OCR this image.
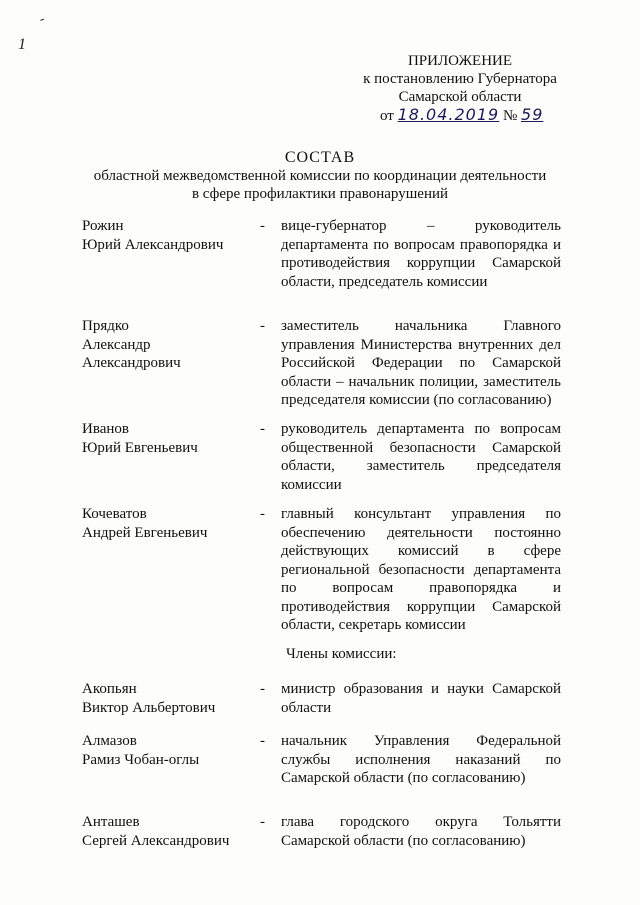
-
1
ПРИЛОЖЕНИЕ
к постановлению Губернатора
Самарской области
от 18.04.2019 № 59
СОСТАВ
областной межведомственной комиссии по координации деятельности
в сфере профилактики правонарушений
Рожин
Юрий Александрович
- вице-губернатор – руководитель департамента по вопросам правопорядка и противодействия коррупции Самарской области, председатель комиссии
Прядко
Александр Александрович
- заместитель начальника Главного управления Министерства внутренних дел Российской Федерации по Самарской области – начальник полиции, заместитель председателя комиссии (по согласованию)
Иванов
Юрий Евгеньевич
- руководитель департамента по вопросам общественной безопасности Самарской области, заместитель председателя комиссии
Кочеватов
Андрей Евгеньевич
- главный консультант управления по обеспечению деятельности постоянно действующих комиссий в сфере региональной безопасности департамента по вопросам правопорядка и противодействия коррупции Самарской области, секретарь комиссии
Члены комиссии:
Акопьян
Виктор Альбертович
- министр образования и науки Самарской области
Алмазов
Рамиз Чобан-оглы
- начальник Управления Федеральной службы исполнения наказаний по Самарской области (по согласованию)
Анташев
Сергей Александрович
- глава городского округа Тольятти Самарской области (по согласованию)
